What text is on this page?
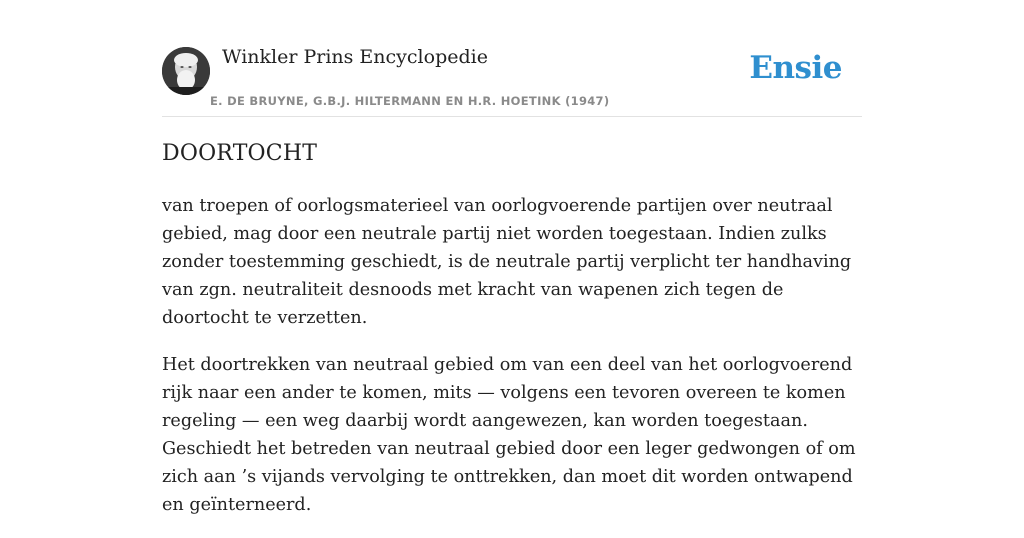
Winkler Prins Encyclopedie
E. DE BRUYNE, G.B.J. HILTERMANN EN H.R. HOETINK (1947)
Ensie
DOORTOCHT

van troepen of oorlogsmaterieel van oorlogvoerende partijen over neutraal gebied, mag door een neutrale partij niet worden toegestaan. Indien zulks zonder toestemming geschiedt, is de neutrale partij verplicht ter handhaving van zgn. neutraliteit desnoods met kracht van wapenen zich tegen de doortocht te verzetten.

Het doortrekken van neutraal gebied om van een deel van het oorlogvoerend rijk naar een ander te komen, mits — volgens een tevoren overeen te komen regeling — een weg daarbij wordt aangewezen, kan worden toegestaan. Geschiedt het betreden van neutraal gebied door een leger gedwongen of om zich aan ’s vijands vervolging te onttrekken, dan moet dit worden ontwapend en geïnterneerd.
